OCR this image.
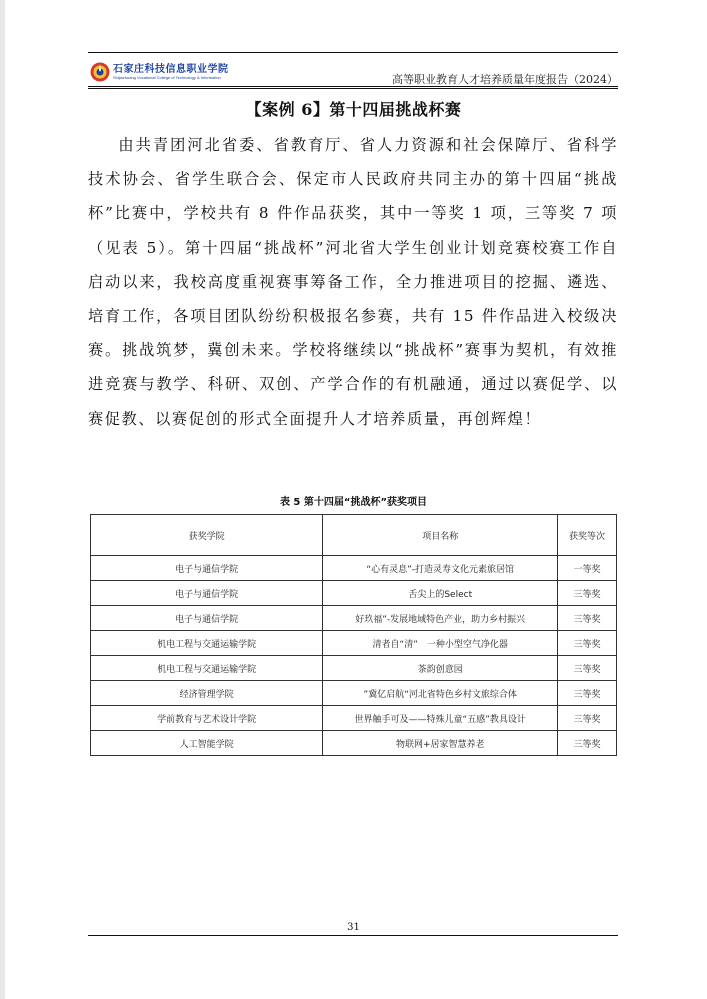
石家庄科技信息职业学院
Shijiazhuang Vocational College of Technology & Information	高等职业教育人才培养质量年度报告（2024）
【案例 6】第十四届挑战杯赛

由共青团河北省委、省教育厅、省人力资源和社会保障厅、省科学技术协会、省学生联合会、保定市人民政府共同主办的第十四届“挑战杯”比赛中，学校共有 8 件作品获奖，其中一等奖 1 项，三等奖 7 项（见表 5）。第十四届“挑战杯”河北省大学生创业计划竞赛校赛工作自启动以来，我校高度重视赛事筹备工作，全力推进项目的挖掘、遴选、培育工作，各项目团队纷纷积极报名参赛，共有 15 件作品进入校级决赛。挑战筑梦，冀创未来。学校将继续以“挑战杯”赛事为契机，有效推进竞赛与教学、科研、双创、产学合作的有机融通，通过以赛促学、以赛促教、以赛促创的形式全面提升人才培养质量，再创辉煌！

表 5 第十四届“挑战杯”获奖项目
获奖学院	项目名称	获奖等次
电子与通信学院	“心有灵息”-打造灵寿文化元素旅居馆	一等奖
电子与通信学院	舌尖上的Select	三等奖
电子与通信学院	好玖福”-发展地域特色产业，助力乡村振兴	三等奖
机电工程与交通运输学院	清者自“清”　一种小型空气净化器	三等奖
机电工程与交通运输学院	茶韵创意园	三等奖
经济管理学院	”冀亿启航“河北省特色乡村文旅综合体	三等奖
学前教育与艺术设计学院	世界触手可及——特殊儿童“五感”教具设计	三等奖
人工智能学院	物联网+居家智慧养老	三等奖
31
